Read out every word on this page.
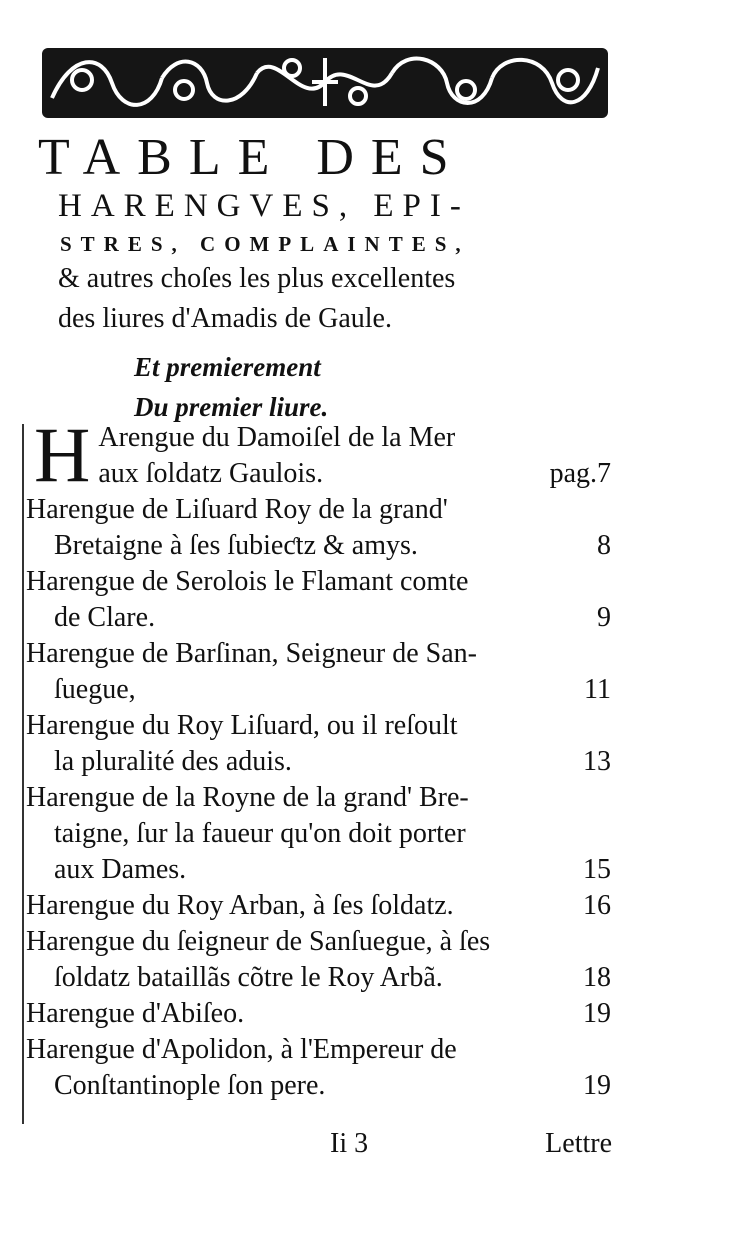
TABLE DES
HARENGVES, EPI-
STRES, COMPLAINTES,
& autres choſes les plus excellentes
des liures d'Amadis de Gaule.
Et premierement
Du premier liure.
H Arengue du Damoiſel de la Mer
aux ſoldatz Gaulois.	pag.7
Harengue de Liſuard Roy de la grand'
Bretaigne à ſes ſubieƈtz & amys.	8
Harengue de Serolois le Flamant comte
de Clare.	9
Harengue de Barſinan, Seigneur de San-
ſuegue,	11
Harengue du Roy Liſuard, ou il reſoult
la pluralité des aduis.	13
Harengue de la Royne de la grand' Bre-
taigne, ſur la faueur qu'on doit porter
aux Dames.	15
Harengue du Roy Arban, à ſes ſoldatz.	16
Harengue du ſeigneur de Sanſuegue, à ſes
ſoldatz bataillãs cõtre le Roy Arbã.	18
Harengue d'Abiſeo.	19
Harengue d'Apolidon, à l'Empereur de
Conſtantinople ſon pere.	19
Ii 3	Lettre
